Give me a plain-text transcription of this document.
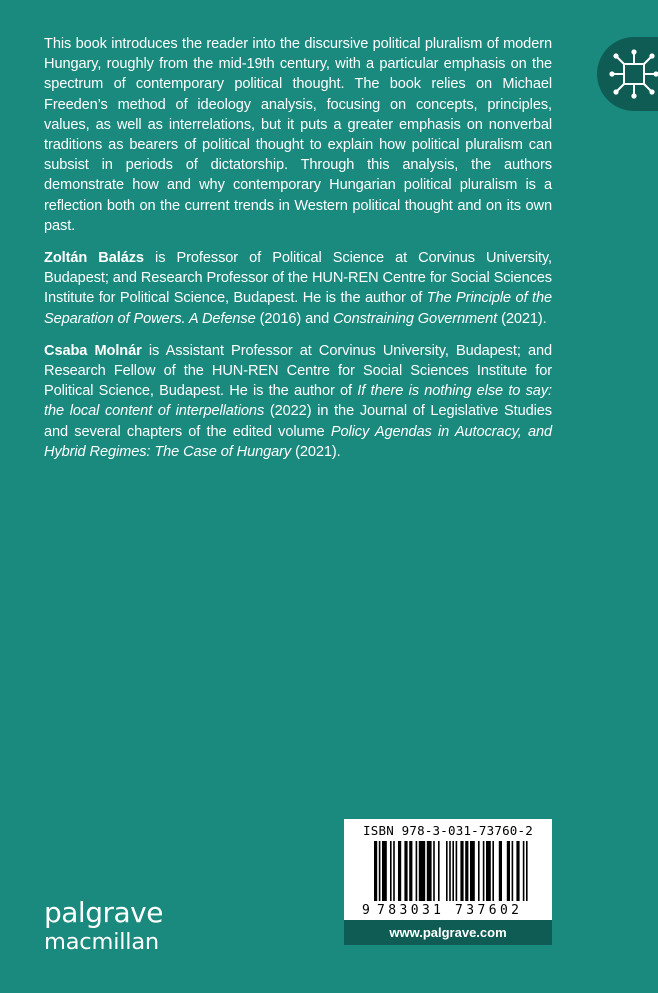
This book introduces the reader into the discursive political pluralism of modern Hungary, roughly from the mid-19th century, with a particular emphasis on the spectrum of contemporary political thought. The book relies on Michael Freeden’s method of ideology analysis, focusing on concepts, principles, values, as well as interrelations, but it puts a greater emphasis on nonverbal traditions as bearers of political thought to explain how political pluralism can subsist in periods of dictatorship. Through this analysis, the authors demonstrate how and why contemporary Hungarian political pluralism is a reflection both on the current trends in Western political thought and on its own past.

Zoltán Balázs is Professor of Political Science at Corvinus University, Budapest; and Research Professor of the HUN-REN Centre for Social Sciences Institute for Political Science, Budapest. He is the author of The Principle of the Separation of Powers. A Defense (2016) and Constraining Government (2021).

Csaba Molnár is Assistant Professor at Corvinus University, Budapest; and Research Fellow of the HUN-REN Centre for Social Sciences Institute for Political Science, Budapest. He is the author of If there is nothing else to say: the local content of interpellations (2022) in the Journal of Legislative Studies and several chapters of the edited volume Policy Agendas in Autocracy, and Hybrid Regimes: The Case of Hungary (2021).

palgrave
macmillan
ISBN 978-3-031-73760-2
9 783031 737602
www.palgrave.com
